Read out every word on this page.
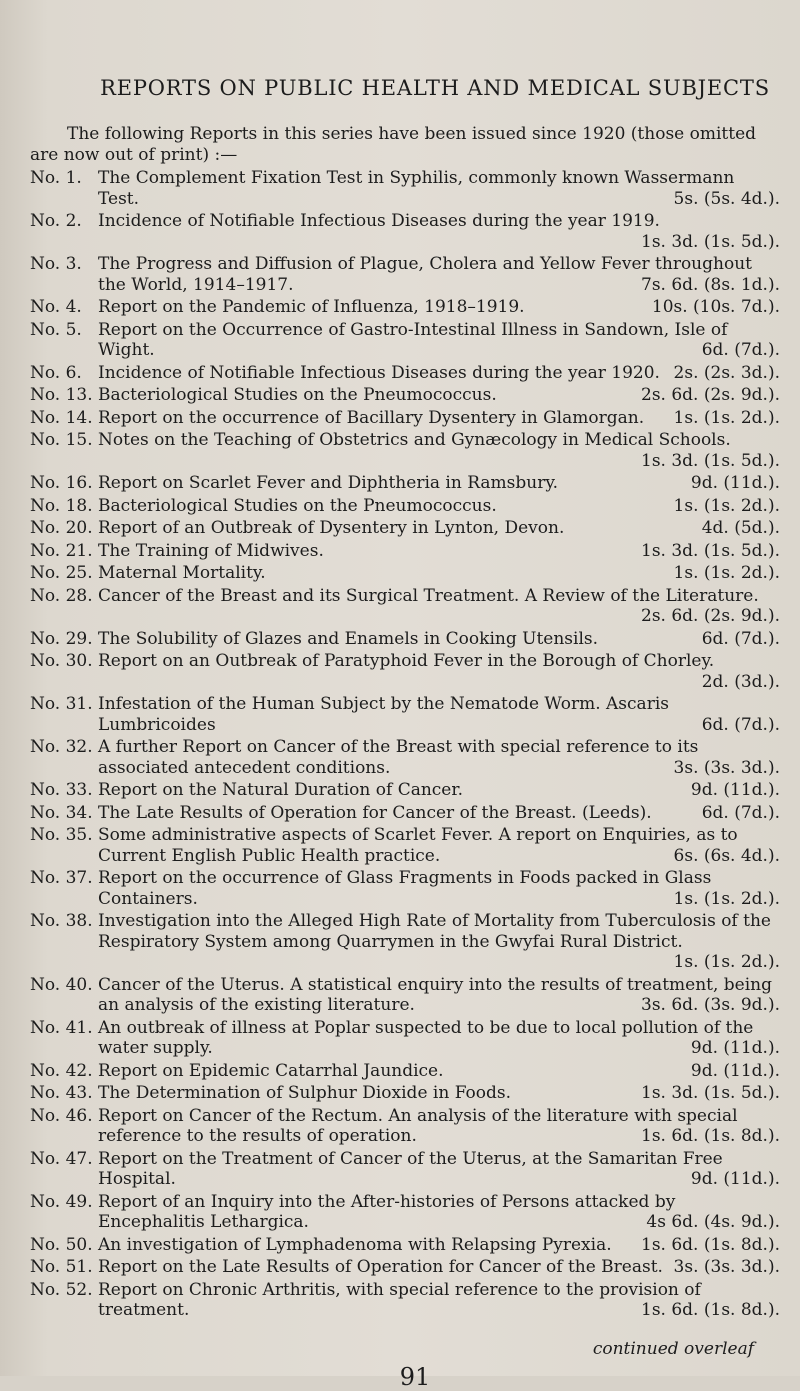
REPORTS ON PUBLIC HEALTH AND MEDICAL SUBJECTS

The following Reports in this series have been issued since 1920 (those omitted are now out of print) :—

No. 1. The Complement Fixation Test in Syphilis, commonly known Wassermann Test.	5s. (5s. 4d.).
No. 2. Incidence of Notifiable Infectious Diseases during the year 1919.
1s. 3d. (1s. 5d.).
No. 3. The Progress and Diffusion of Plague, Cholera and Yellow Fever throughout the World, 1914–1917.	7s. 6d. (8s. 1d.).
No. 4. Report on the Pandemic of Influenza, 1918–1919.	10s. (10s. 7d.).
No. 5. Report on the Occurrence of Gastro-Intestinal Illness in Sandown, Isle of Wight.	6d. (7d.).
No. 6. Incidence of Notifiable Infectious Diseases during the year 1920. 2s. (2s. 3d.).
No. 13. Bacteriological Studies on the Pneumococcus.	2s. 6d. (2s. 9d.).
No. 14. Report on the occurrence of Bacillary Dysentery in Glamorgan.	1s. (1s. 2d.).
No. 15. Notes on the Teaching of Obstetrics and Gynæcology in Medical Schools.
1s. 3d. (1s. 5d.).
No. 16. Report on Scarlet Fever and Diphtheria in Ramsbury.	9d. (11d.).
No. 18. Bacteriological Studies on the Pneumococcus.	1s. (1s. 2d.).
No. 20. Report of an Outbreak of Dysentery in Lynton, Devon.	4d. (5d.).
No. 21. The Training of Midwives.	1s. 3d. (1s. 5d.).
No. 25. Maternal Mortality.	1s. (1s. 2d.).
No. 28. Cancer of the Breast and its Surgical Treatment. A Review of the Literature.
2s. 6d. (2s. 9d.).
No. 29. The Solubility of Glazes and Enamels in Cooking Utensils.	6d. (7d.).
No. 30. Report on an Outbreak of Paratyphoid Fever in the Borough of Chorley.
2d. (3d.).
No. 31. Infestation of the Human Subject by the Nematode Worm. Ascaris Lumbricoides	6d. (7d.).
No. 32. A further Report on Cancer of the Breast with special reference to its associated antecedent conditions.	3s. (3s. 3d.).
No. 33. Report on the Natural Duration of Cancer.	9d. (11d.).
No. 34. The Late Results of Operation for Cancer of the Breast. (Leeds).	6d. (7d.).
No. 35. Some administrative aspects of Scarlet Fever. A report on Enquiries, as to Current English Public Health practice.	6s. (6s. 4d.).
No. 37. Report on the occurrence of Glass Fragments in Foods packed in Glass Containers.	1s. (1s. 2d.).
No. 38. Investigation into the Alleged High Rate of Mortality from Tuberculosis of the Respiratory System among Quarrymen in the Gwyfai Rural District.
1s. (1s. 2d.).
No. 40. Cancer of the Uterus. A statistical enquiry into the results of treatment, being an analysis of the existing literature.	3s. 6d. (3s. 9d.).
No. 41. An outbreak of illness at Poplar suspected to be due to local pollution of the water supply.	9d. (11d.).
No. 42. Report on Epidemic Catarrhal Jaundice.	9d. (11d.).
No. 43. The Determination of Sulphur Dioxide in Foods.	1s. 3d. (1s. 5d.).
No. 46. Report on Cancer of the Rectum. An analysis of the literature with special reference to the results of operation.	1s. 6d. (1s. 8d.).
No. 47. Report on the Treatment of Cancer of the Uterus, at the Samaritan Free Hospital.	9d. (11d.).
No. 49. Report of an Inquiry into the After-histories of Persons attacked by Encephalitis Lethargica.	4s 6d. (4s. 9d.).
No. 50. An investigation of Lymphadenoma with Relapsing Pyrexia.	1s. 6d. (1s. 8d.).
No. 51. Report on the Late Results of Operation for Cancer of the Breast. 3s. (3s. 3d.).
No. 52. Report on Chronic Arthritis, with special reference to the provision of treatment.	1s. 6d. (1s. 8d.).
continued overleaf
91
